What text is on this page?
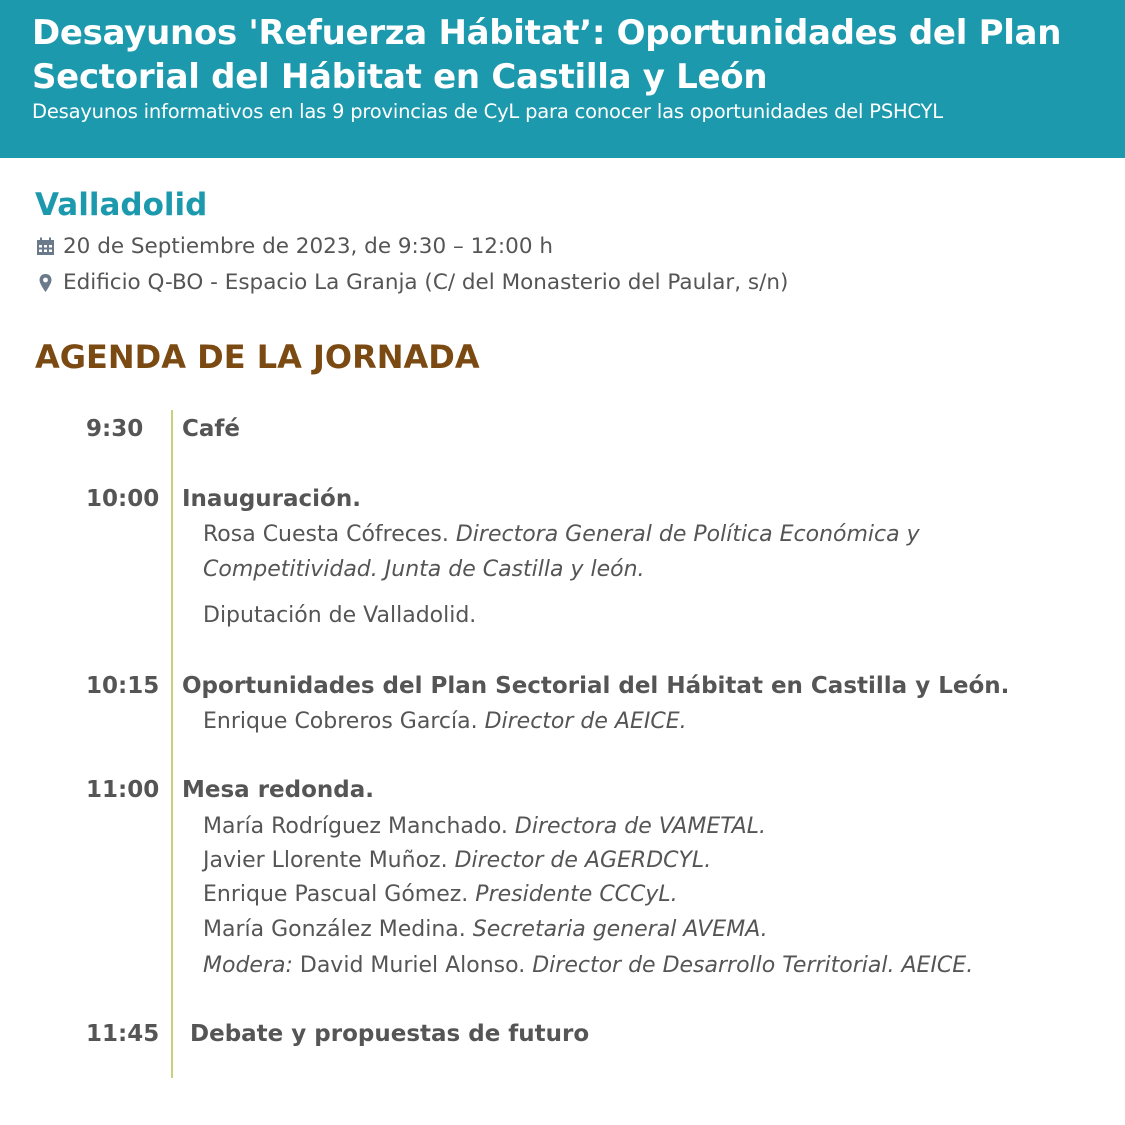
Desayunos 'Refuerza Hábitat’: Oportunidades del Plan
Sectorial del Hábitat en Castilla y León
Desayunos informativos en las 9 provincias de CyL para conocer las oportunidades del PSHCYL
Valladolid
20 de Septiembre de 2023, de 9:30 – 12:00 h
Edificio Q-BO - Espacio La Granja (C/ del Monasterio del Paular, s/n)
AGENDA DE LA JORNADA
9:30 Café
10:00 Inauguración.
Rosa Cuesta Cófreces. Directora General de Política Económica y
Competitividad. Junta de Castilla y león.
Diputación de Valladolid.
10:15 Oportunidades del Plan Sectorial del Hábitat en Castilla y León.
Enrique Cobreros García. Director de AEICE.
11:00 Mesa redonda.
María Rodríguez Manchado. Directora de VAMETAL.
Javier Llorente Muñoz. Director de AGERDCYL.
Enrique Pascual Gómez. Presidente CCCyL.
María González Medina. Secretaria general AVEMA.
Modera: David Muriel Alonso. Director de Desarrollo Territorial. AEICE.
11:45 Debate y propuestas de futuro
